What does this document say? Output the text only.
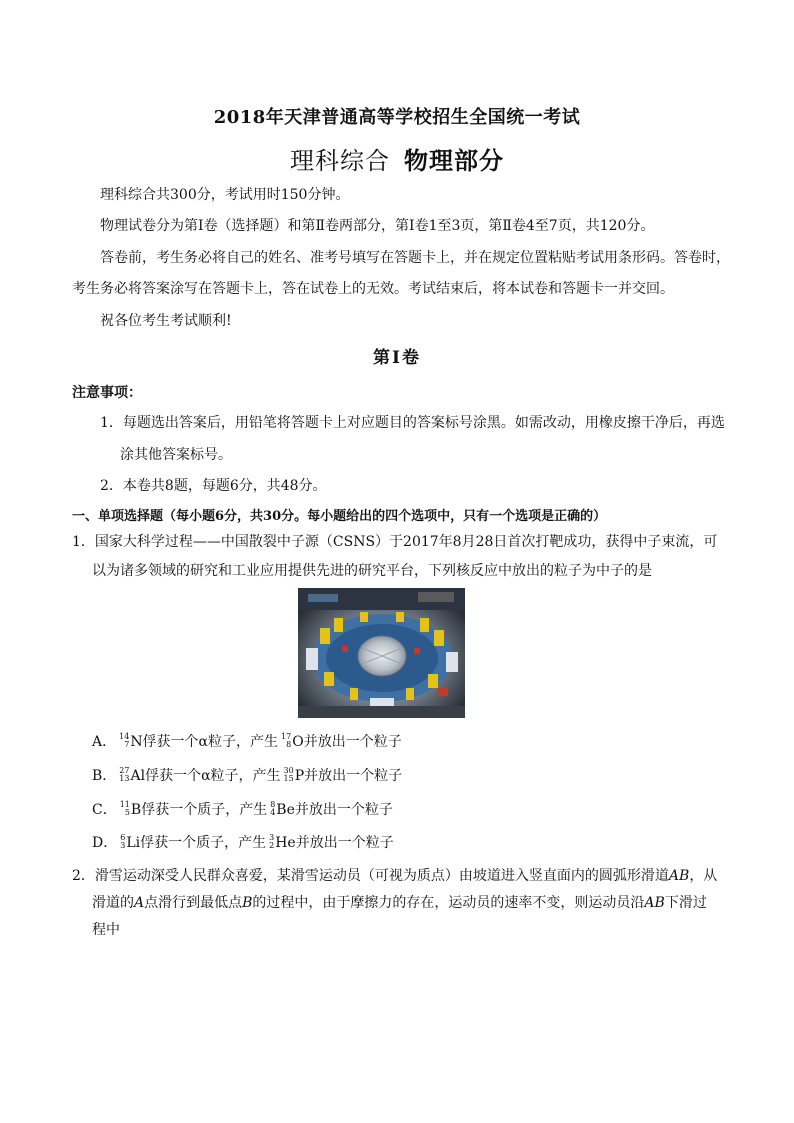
2018年天津普通高等学校招生全国统一考试
理科综合 物理部分
理科综合共300分，考试用时150分钟。
物理试卷分为第Ⅰ卷（选择题）和第Ⅱ卷两部分，第Ⅰ卷1至3页，第Ⅱ卷4至7页，共120分。
答卷前，考生务必将自己的姓名、准考号填写在答题卡上，并在规定位置粘贴考试用条形码。答卷时，
考生务必将答案涂写在答题卡上，答在试卷上的无效。考试结束后，将本试卷和答题卡一并交回。
祝各位考生考试顺利!
第Ⅰ卷
注意事项：
1．每题选出答案后，用铅笔将答题卡上对应题目的答案标号涂黑。如需改动，用橡皮擦干净后，再选
涂其他答案标号。
2．本卷共8题，每题6分，共48分。
一、单项选择题（每小题6分，共30分。每小题给出的四个选项中，只有一个选项是正确的）
1．国家大科学过程——中国散裂中子源（CSNS）于2017年8月28日首次打靶成功，获得中子束流，可
以为诸多领域的研究和工业应用提供先进的研究平台，下列核反应中放出的粒子为中子的是
A． 14
7 N俘获一个α粒子，产生 17
8 O并放出一个粒子
B． 27
13 Al俘获一个α粒子，产生 30
15 P并放出一个粒子
C． 11
5 B俘获一个质子，产生 8
4 Be并放出一个粒子
D． 6
3 Li俘获一个质子，产生 3
2 He并放出一个粒子
2．滑雪运动深受人民群众喜爱，某滑雪运动员（可视为质点）由坡道进入竖直面内的圆弧形滑道AB，从
滑道的A点滑行到最低点B的过程中，由于摩擦力的存在，运动员的速率不变，则运动员沿AB下滑过
程中
